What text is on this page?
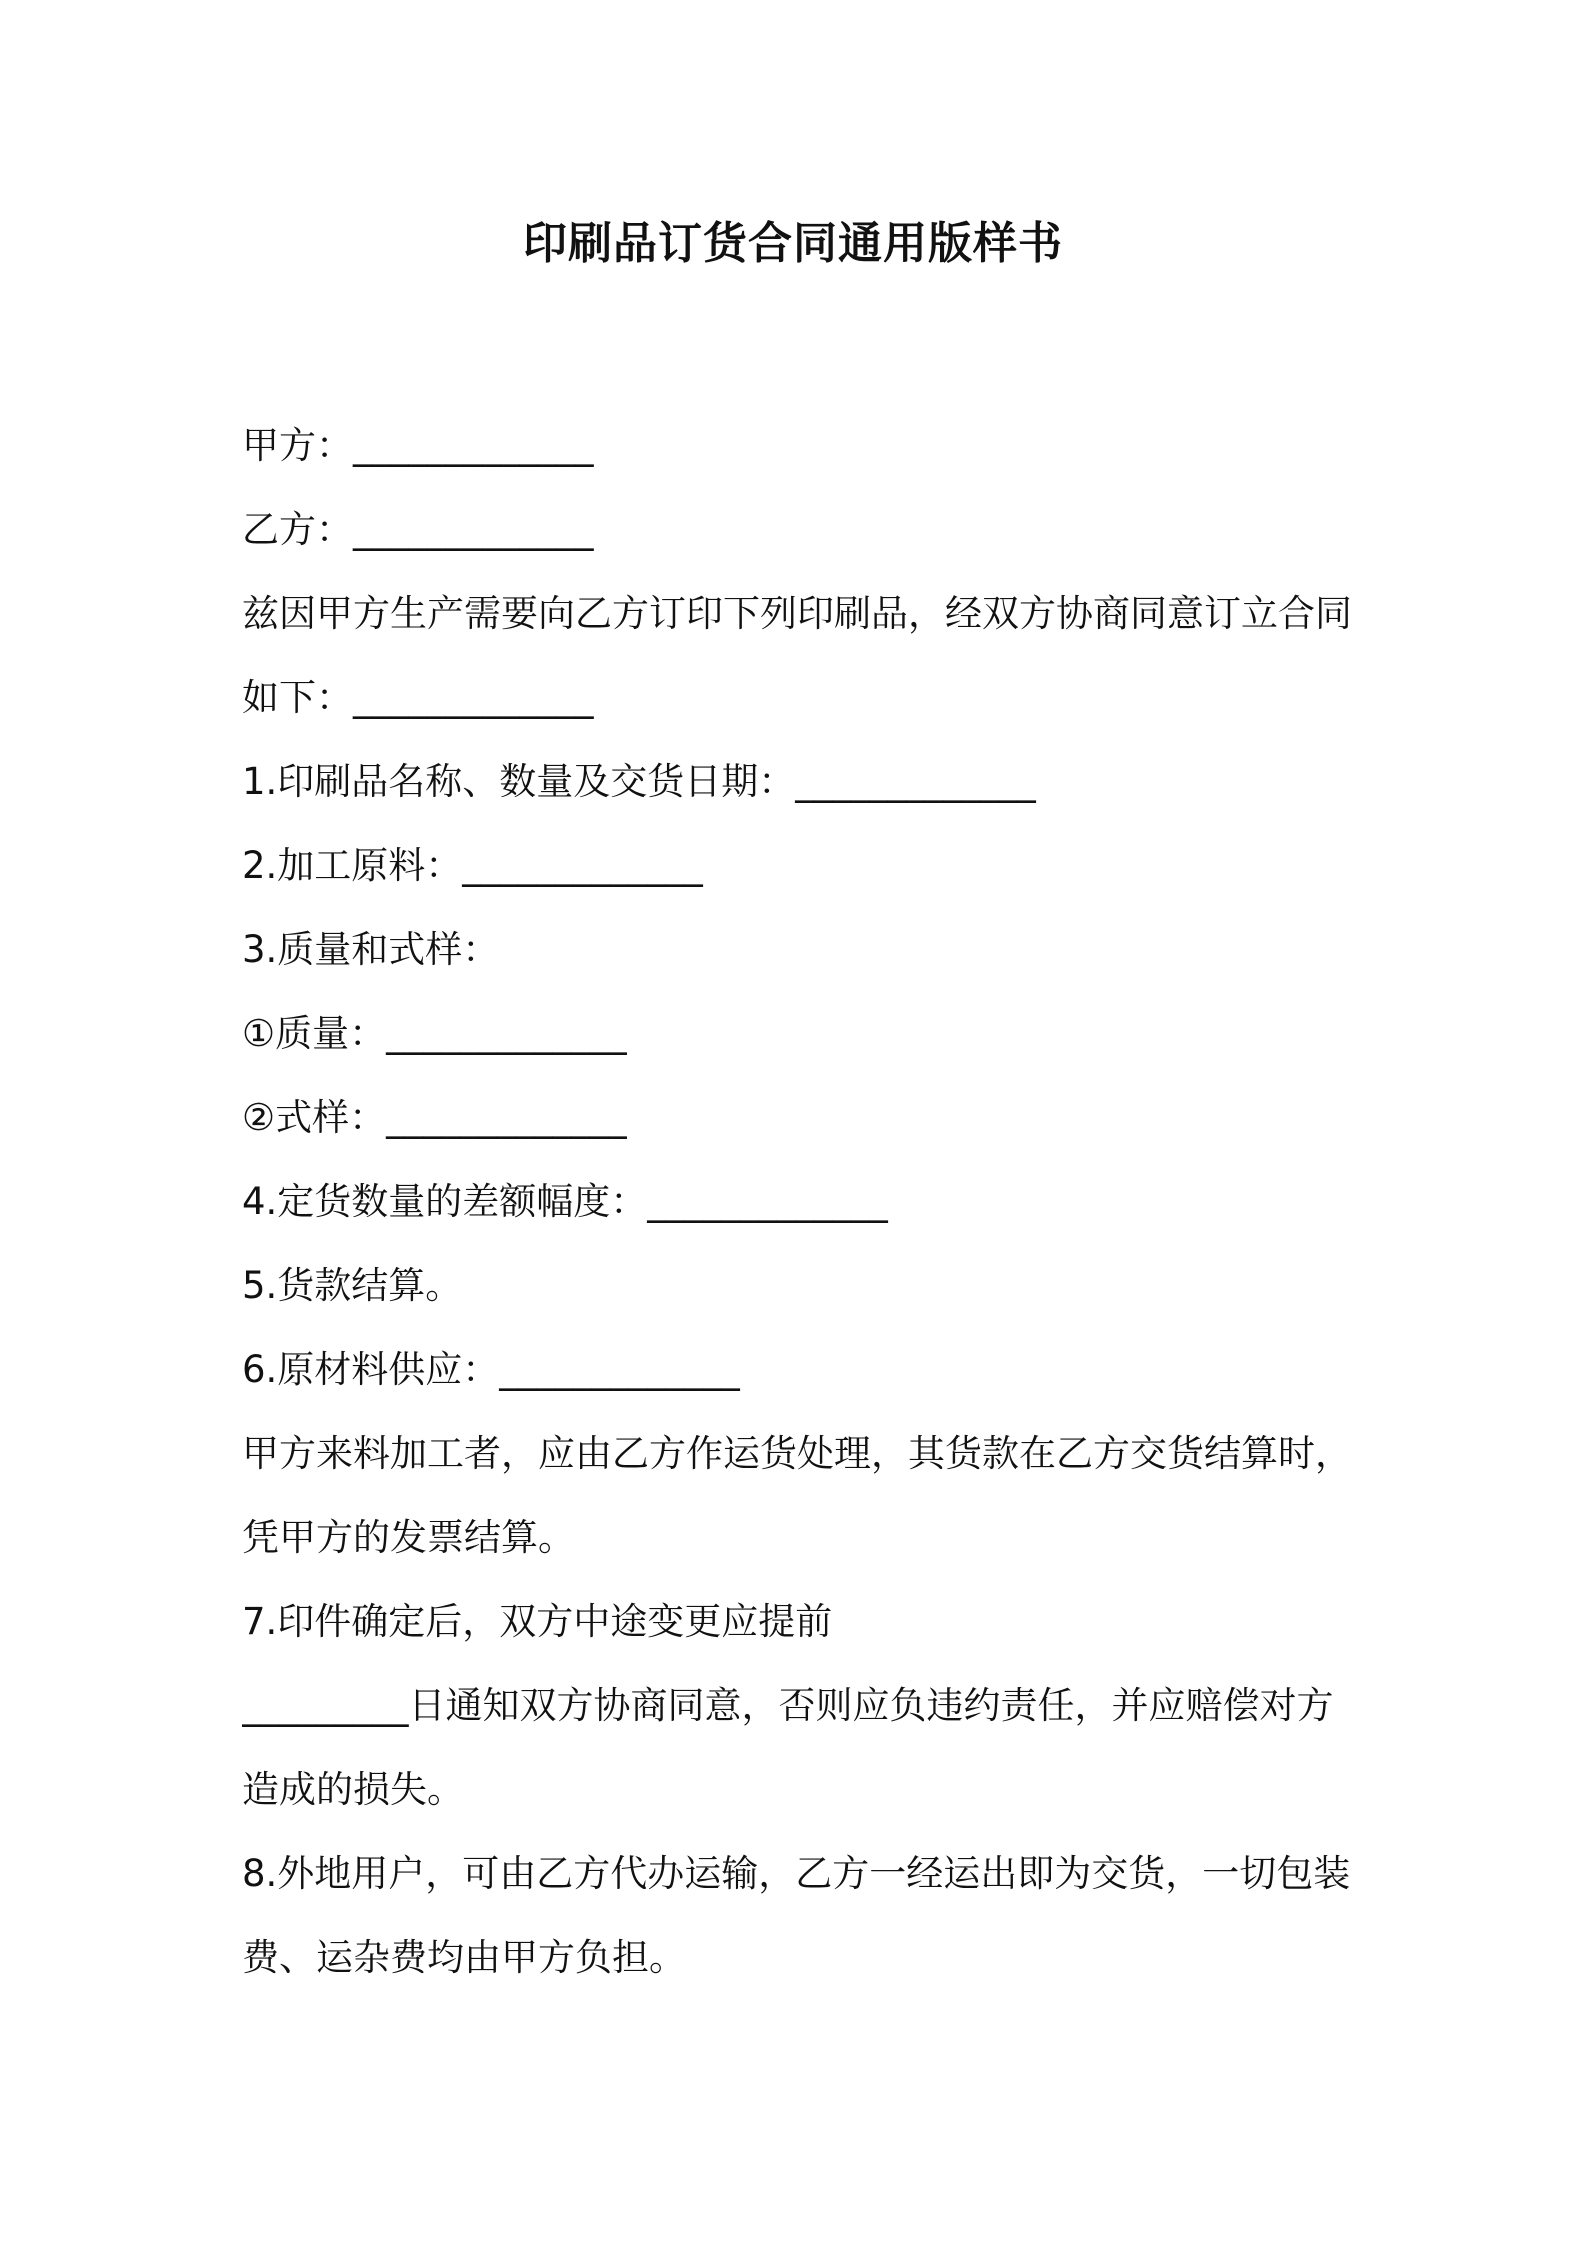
印刷品订货合同通用版样书
甲方：_____________
乙方：_____________
兹因甲方生产需要向乙方订印下列印刷品，经双方协商同意订立合同
如下：_____________
1.印刷品名称、数量及交货日期：_____________
2.加工原料：_____________
3.质量和式样：
①质量：_____________
②式样：_____________
4.定货数量的差额幅度：_____________
5.货款结算。
6.原材料供应：_____________
甲方来料加工者，应由乙方作运货处理，其货款在乙方交货结算时，
凭甲方的发票结算。
7.印件确定后，双方中途变更应提前
_________日通知双方协商同意，否则应负违约责任，并应赔偿对方
造成的损失。
8.外地用户，可由乙方代办运输，乙方一经运出即为交货，一切包装
费、运杂费均由甲方负担。
